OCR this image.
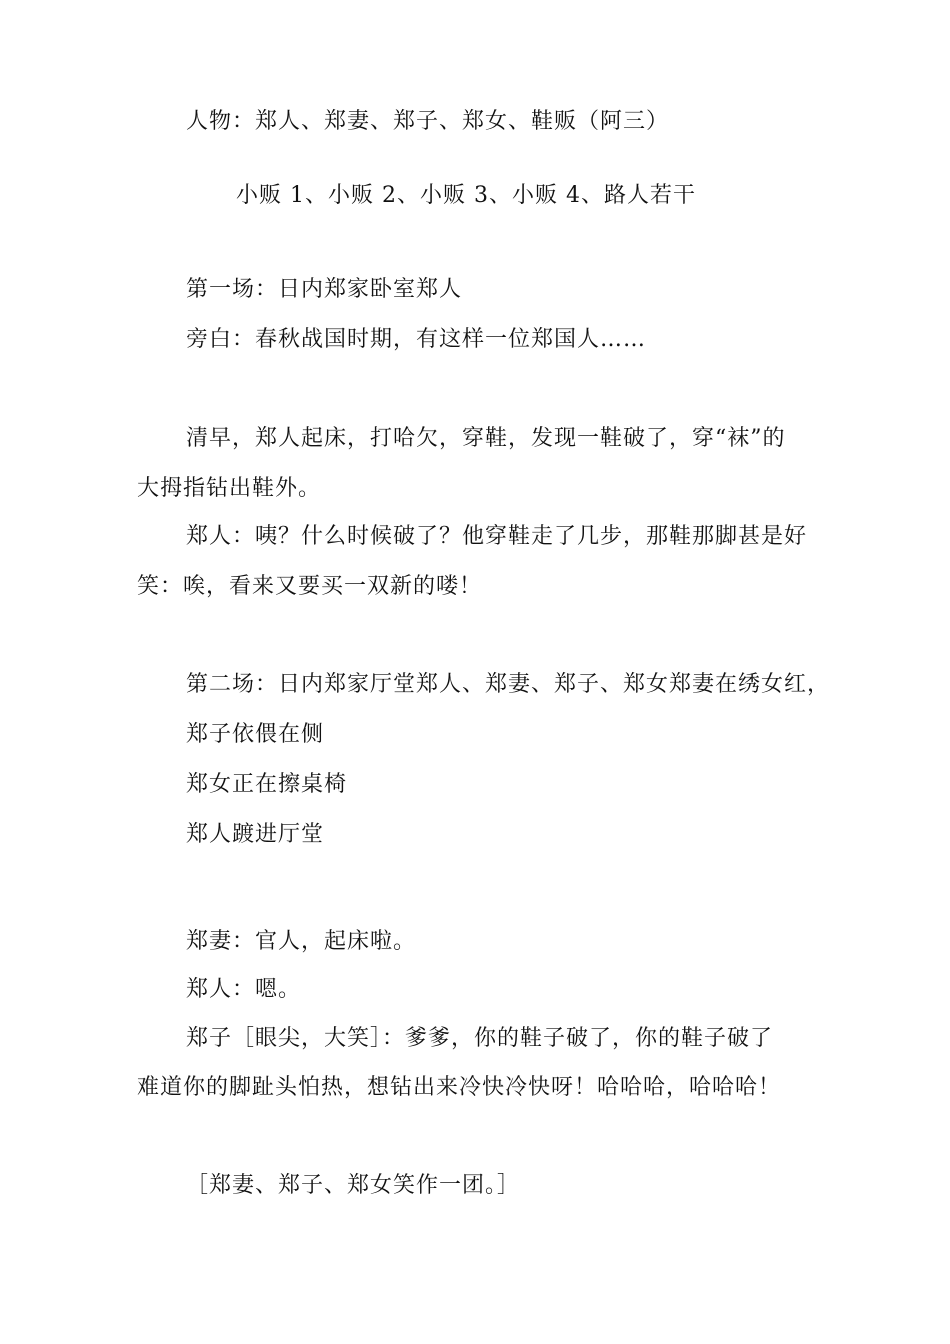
人物：郑人、郑妻、郑子、郑女、鞋贩（阿三）
小贩 1、小贩 2、小贩 3、小贩 4、路人若干
第一场：日内郑家卧室郑人
旁白：春秋战国时期，有这样一位郑国人……
清早，郑人起床，打哈欠，穿鞋，发现一鞋破了，穿“袜”的
大拇指钻出鞋外。
郑人：咦？什么时候破了？他穿鞋走了几步，那鞋那脚甚是好
笑：唉，看来又要买一双新的喽！
第二场：日内郑家厅堂郑人、郑妻、郑子、郑女郑妻在绣女红，
郑子依偎在侧
郑女正在擦桌椅
郑人踱进厅堂
郑妻：官人，起床啦。
郑人：嗯。
郑子［眼尖，大笑］：爹爹，你的鞋子破了，你的鞋子破了
难道你的脚趾头怕热，想钻出来冷快冷快呀！哈哈哈，哈哈哈！
［郑妻、郑子、郑女笑作一团。］
